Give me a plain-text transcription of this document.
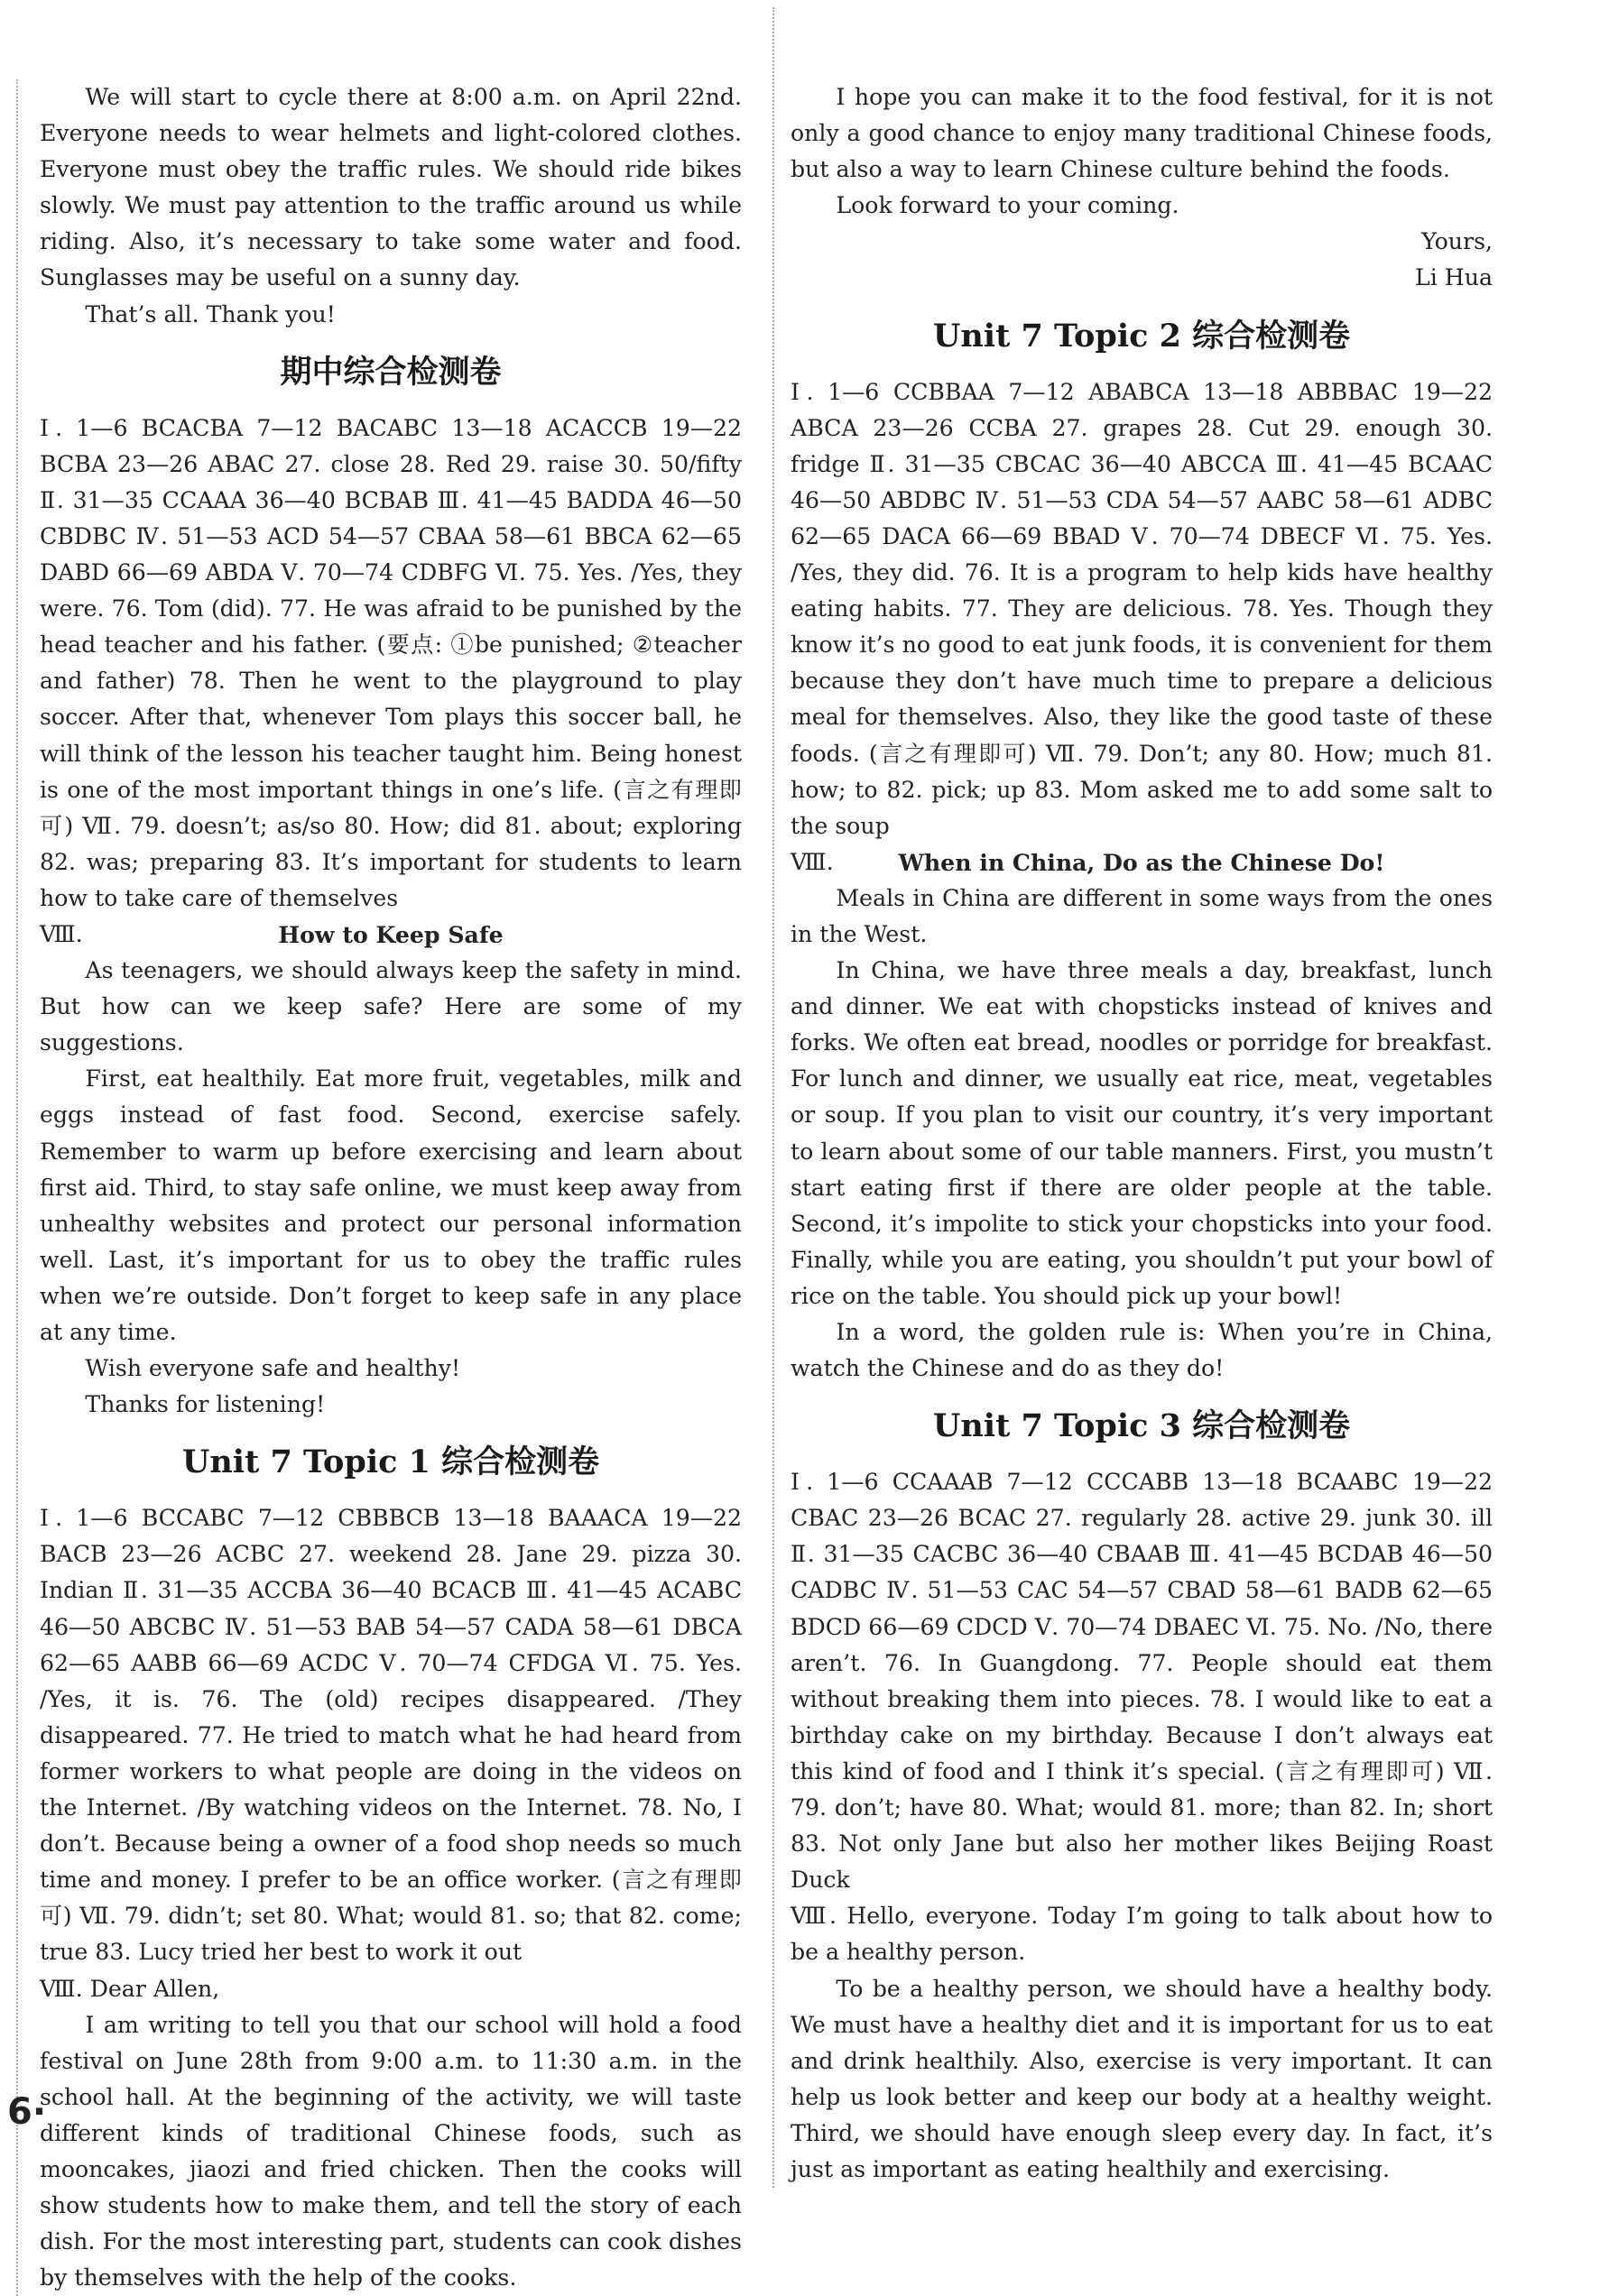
We will start to cycle there at 8:00 a.m. on April 22nd. Everyone needs to wear helmets and light-colored clothes. Everyone must obey the traffic rules. We should ride bikes slowly. We must pay attention to the traffic around us while riding. Also, it’s necessary to take some water and food. Sunglasses may be useful on a sunny day.

That’s all. Thank you!

期中综合检测卷

Ⅰ. 1—6 BCACBA 7—12 BACABC 13—18 ACACCB 19—22 BCBA 23—26 ABAC 27. close 28. Red 29. raise 30. 50/fifty Ⅱ. 31—35 CCAAA 36—40 BCBAB Ⅲ. 41—45 BADDA 46—50 CBDBC Ⅳ. 51—53 ACD 54—57 CBAA 58—61 BBCA 62—65 DABD 66—69 ABDA Ⅴ. 70—74 CDBFG Ⅵ. 75. Yes. /Yes, they were. 76. Tom (did). 77. He was afraid to be punished by the head teacher and his father. (要点: ①be punished; ②teacher and father) 78. Then he went to the playground to play soccer. After that, whenever Tom plays this soccer ball, he will think of the lesson his teacher taught him. Being honest is one of the most important things in one’s life. (言之有理即可) Ⅶ. 79. doesn’t; as/so 80. How; did 81. about; exploring 82. was; preparing 83. It’s important for students to learn how to take care of themselves

Ⅷ.	How to Keep Safe

As teenagers, we should always keep the safety in mind. But how can we keep safe? Here are some of my suggestions.

First, eat healthily. Eat more fruit, vegetables, milk and eggs instead of fast food. Second, exercise safely. Remember to warm up before exercising and learn about first aid. Third, to stay safe online, we must keep away from unhealthy websites and protect our personal information well. Last, it’s important for us to obey the traffic rules when we’re outside. Don’t forget to keep safe in any place at any time.

Wish everyone safe and healthy!

Thanks for listening!

Unit 7 Topic 1 综合检测卷

Ⅰ. 1—6 BCCABC 7—12 CBBBCB 13—18 BAAACA 19—22 BACB 23—26 ACBC 27. weekend 28. Jane 29. pizza 30. Indian Ⅱ. 31—35 ACCBA 36—40 BCACB Ⅲ. 41—45 ACABC 46—50 ABCBC Ⅳ. 51—53 BAB 54—57 CADA 58—61 DBCA 62—65 AABB 66—69 ACDC Ⅴ. 70—74 CFDGA Ⅵ. 75. Yes. /Yes, it is. 76. The (old) recipes disappeared. /They disappeared. 77. He tried to match what he had heard from former workers to what people are doing in the videos on the Internet. /By watching videos on the Internet. 78. No, I don’t. Because being a owner of a food shop needs so much time and money. I prefer to be an office worker. (言之有理即可) Ⅶ. 79. didn’t; set 80. What; would 81. so; that 82. come; true 83. Lucy tried her best to work it out

Ⅷ. Dear Allen,

I am writing to tell you that our school will hold a food festival on June 28th from 9:00 a.m. to 11:30 a.m. in the school hall. At the beginning of the activity, we will taste different kinds of traditional Chinese foods, such as mooncakes, jiaozi and fried chicken. Then the cooks will show students how to make them, and tell the story of each dish. For the most interesting part, students can cook dishes by themselves with the help of the cooks.

I hope you can make it to the food festival, for it is not only a good chance to enjoy many traditional Chinese foods, but also a way to learn Chinese culture behind the foods.

Look forward to your coming.

Yours,

Li Hua

Unit 7 Topic 2 综合检测卷

Ⅰ. 1—6 CCBBAA 7—12 ABABCA 13—18 ABBBAC 19—22 ABCA 23—26 CCBA 27. grapes 28. Cut 29. enough 30. fridge Ⅱ. 31—35 CBCAC 36—40 ABCCA Ⅲ. 41—45 BCAAC 46—50 ABDBC Ⅳ. 51—53 CDA 54—57 AABC 58—61 ADBC 62—65 DACA 66—69 BBAD Ⅴ. 70—74 DBECF Ⅵ. 75. Yes. /Yes, they did. 76. It is a program to help kids have healthy eating habits. 77. They are delicious. 78. Yes. Though they know it’s no good to eat junk foods, it is convenient for them because they don’t have much time to prepare a delicious meal for themselves. Also, they like the good taste of these foods. (言之有理即可) Ⅶ. 79. Don’t; any 80. How; much 81. how; to 82. pick; up 83. Mom asked me to add some salt to the soup

Ⅷ.	When in China, Do as the Chinese Do!

Meals in China are different in some ways from the ones in the West.

In China, we have three meals a day, breakfast, lunch and dinner. We eat with chopsticks instead of knives and forks. We often eat bread, noodles or porridge for breakfast. For lunch and dinner, we usually eat rice, meat, vegetables or soup. If you plan to visit our country, it’s very important to learn about some of our table manners. First, you mustn’t start eating first if there are older people at the table. Second, it’s impolite to stick your chopsticks into your food. Finally, while you are eating, you shouldn’t put your bowl of rice on the table. You should pick up your bowl!

In a word, the golden rule is: When you’re in China, watch the Chinese and do as they do!

Unit 7 Topic 3 综合检测卷

Ⅰ. 1—6 CCAAAB 7—12 CCCABB 13—18 BCAABC 19—22 CBAC 23—26 BCAC 27. regularly 28. active 29. junk 30. ill Ⅱ. 31—35 CACBC 36—40 CBAAB Ⅲ. 41—45 BCDAB 46—50 CADBC Ⅳ. 51—53 CAC 54—57 CBAD 58—61 BADB 62—65 BDCD 66—69 CDCD Ⅴ. 70—74 DBAEC Ⅵ. 75. No. /No, there aren’t. 76. In Guangdong. 77. People should eat them without breaking them into pieces. 78. I would like to eat a birthday cake on my birthday. Because I don’t always eat this kind of food and I think it’s special. (言之有理即可) Ⅶ. 79. don’t; have 80. What; would 81. more; than 82. In; short 83. Not only Jane but also her mother likes Beijing Roast Duck

Ⅷ. Hello, everyone. Today I’m going to talk about how to be a healthy person.

To be a healthy person, we should have a healthy body. We must have a healthy diet and it is important for us to eat and drink healthily. Also, exercise is very important. It can help us look better and keep our body at a healthy weight. Third, we should have enough sleep every day. In fact, it’s just as important as eating healthily and exercising.

6·
